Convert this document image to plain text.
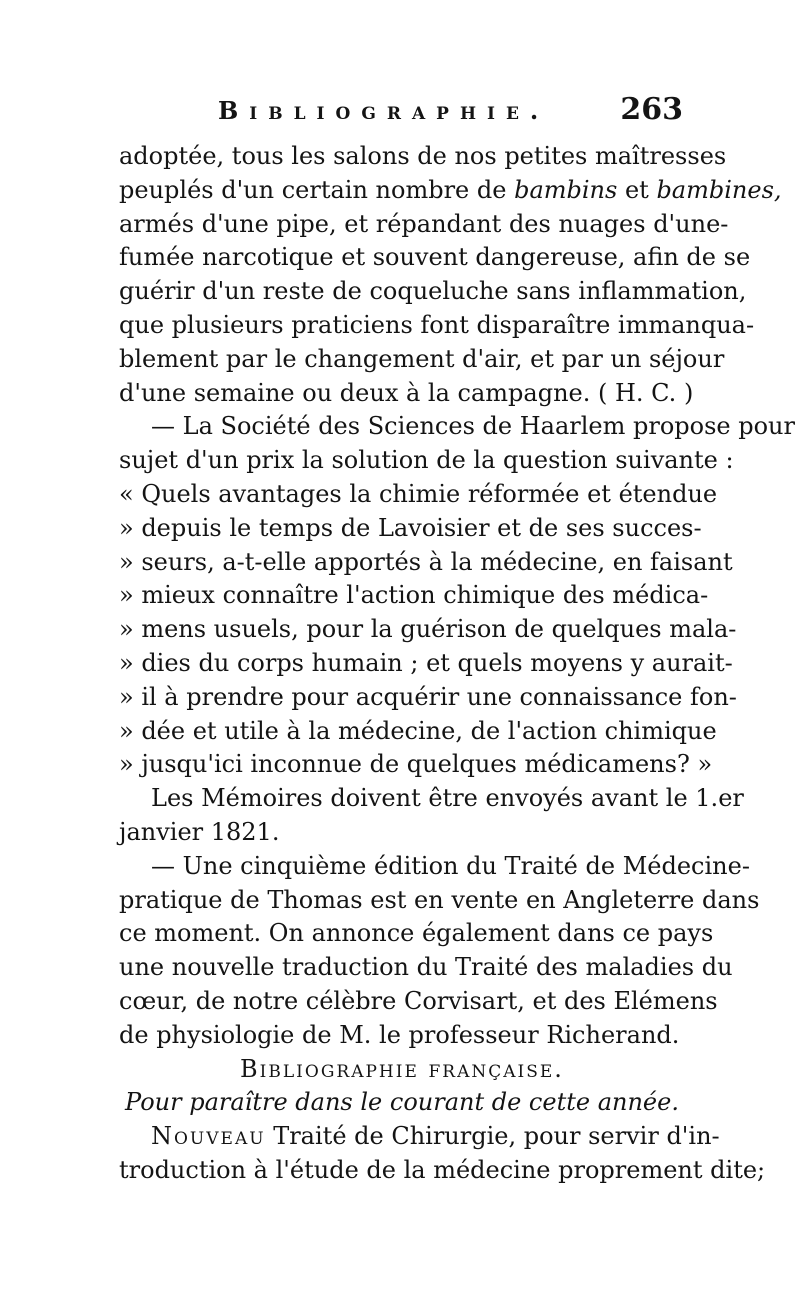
Bibliographie. 263
adoptée, tous les salons de nos petites maîtresses
peuplés d'un certain nombre de bambins et bambines,
armés d'une pipe, et répandant des nuages d'une-
fumée narcotique et souvent dangereuse, afin de se
guérir d'un reste de coqueluche sans inflammation,
que plusieurs praticiens font disparaître immanqua-
blement par le changement d'air, et par un séjour
d'une semaine ou deux à la campagne. ( H. C. )
— La Société des Sciences de Haarlem propose pour
sujet d'un prix la solution de la question suivante :
« Quels avantages la chimie réformée et étendue
» depuis le temps de Lavoisier et de ses succes-
» seurs, a-t-elle apportés à la médecine, en faisant
» mieux connaître l'action chimique des médica-
» mens usuels, pour la guérison de quelques mala-
» dies du corps humain ; et quels moyens y aurait-
» il à prendre pour acquérir une connaissance fon-
» dée et utile à la médecine, de l'action chimique
» jusqu'ici inconnue de quelques médicamens? »
Les Mémoires doivent être envoyés avant le 1.er
janvier 1821.
— Une cinquième édition du Traité de Médecine-
pratique de Thomas est en vente en Angleterre dans
ce moment. On annonce également dans ce pays
une nouvelle traduction du Traité des maladies du
cœur, de notre célèbre Corvisart, et des Elémens
de physiologie de M. le professeur Richerand.
Bibliographie française.
Pour paraître dans le courant de cette année.
Nouveau Traité de Chirurgie, pour servir d'in-
troduction à l'étude de la médecine proprement dite;
